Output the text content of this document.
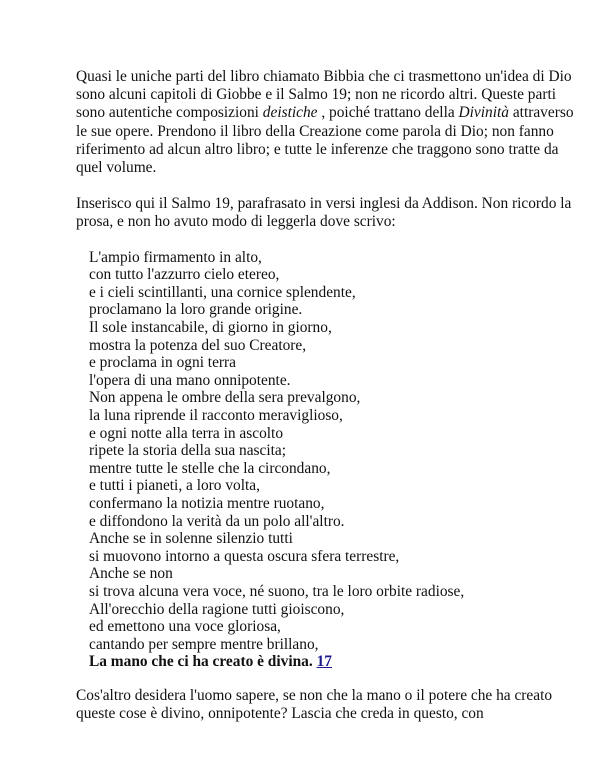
Quasi le uniche parti del libro chiamato Bibbia che ci trasmettono un'idea di Dio sono alcuni capitoli di Giobbe e il Salmo 19; non ne ricordo altri. Queste parti sono autentiche composizioni deistiche , poiché trattano della Divinità attraverso le sue opere. Prendono il libro della Creazione come parola di Dio; non fanno riferimento ad alcun altro libro; e tutte le inferenze che traggono sono tratte da quel volume.

Inserisco qui il Salmo 19, parafrasato in versi inglesi da Addison. Non ricordo la prosa, e non ho avuto modo di leggerla dove scrivo:

L'ampio firmamento in alto,
con tutto l'azzurro cielo etereo,
e i cieli scintillanti, una cornice splendente,
proclamano la loro grande origine.
Il sole instancabile, di giorno in giorno,
mostra la potenza del suo Creatore,
e proclama in ogni terra
l'opera di una mano onnipotente.
Non appena le ombre della sera prevalgono,
la luna riprende il racconto meraviglioso,
e ogni notte alla terra in ascolto
ripete la storia della sua nascita;
mentre tutte le stelle che la circondano,
e tutti i pianeti, a loro volta,
confermano la notizia mentre ruotano,
e diffondono la verità da un polo all'altro.
Anche se in solenne silenzio tutti
si muovono intorno a questa oscura sfera terrestre,
Anche se non
si trova alcuna vera voce, né suono, tra le loro orbite radiose,
All'orecchio della ragione tutti gioiscono,
ed emettono una voce gloriosa,
cantando per sempre mentre brillano,
La mano che ci ha creato è divina. 17

Cos'altro desidera l'uomo sapere, se non che la mano o il potere che ha creato queste cose è divino, onnipotente? Lascia che creda in questo, con
